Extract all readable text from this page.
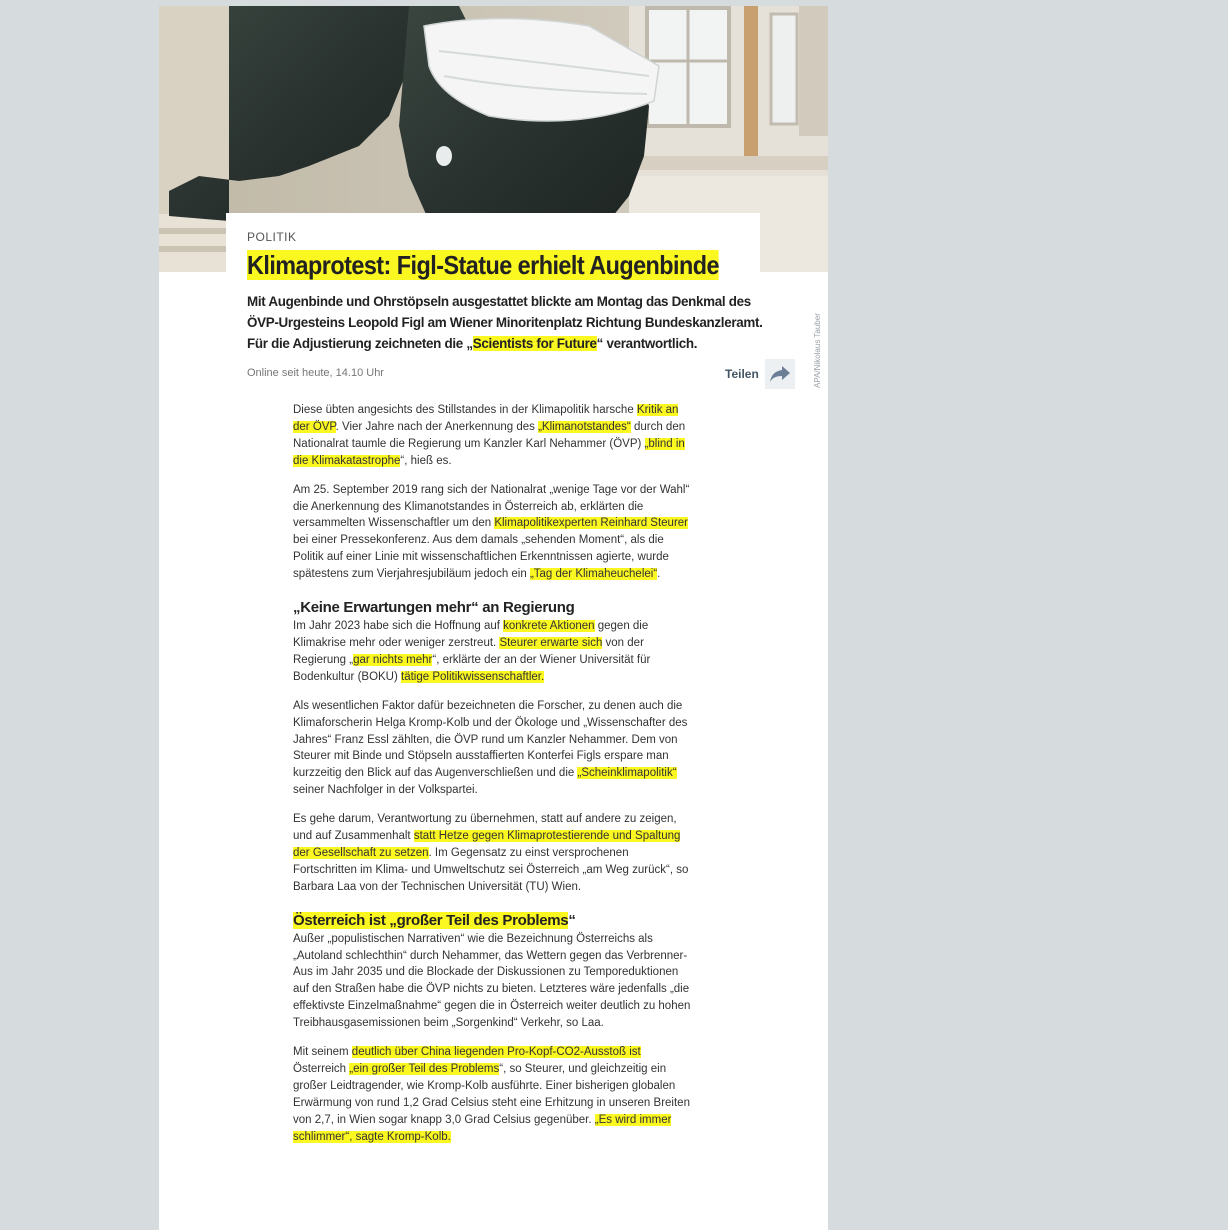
APA/Nikolaus Tauber
POLITIK
Klimaprotest: Figl-Statue erhielt Augenbinde

Mit Augenbinde und Ohrstöpseln ausgestattet blickte am Montag das Denkmal des ÖVP-Urgesteins Leopold Figl am Wiener Minoritenplatz Richtung Bundeskanzleramt. Für die Adjustierung zeichneten die „Scientists for Future“ verantwortlich.

Online seit heute, 14.10 Uhr	Teilen

Diese übten angesichts des Stillstandes in der Klimapolitik harsche Kritik an der ÖVP. Vier Jahre nach der Anerkennung des „Klimanotstandes“ durch den Nationalrat taumle die Regierung um Kanzler Karl Nehammer (ÖVP) „blind in die Klimakatastrophe“, hieß es.

Am 25. September 2019 rang sich der Nationalrat „wenige Tage vor der Wahl“ die Anerkennung des Klimanotstandes in Österreich ab, erklärten die versammelten Wissenschaftler um den Klimapolitikexperten Reinhard Steurer bei einer Pressekonferenz. Aus dem damals „sehenden Moment“, als die Politik auf einer Linie mit wissenschaftlichen Erkenntnissen agierte, wurde spätestens zum Vierjahresjubiläum jedoch ein „Tag der Klimaheuchelei“.

„Keine Erwartungen mehr“ an Regierung

Im Jahr 2023 habe sich die Hoffnung auf konkrete Aktionen gegen die Klimakrise mehr oder weniger zerstreut. Steurer erwarte sich von der Regierung „gar nichts mehr“, erklärte der an der Wiener Universität für Bodenkultur (BOKU) tätige Politikwissenschaftler.

Als wesentlichen Faktor dafür bezeichneten die Forscher, zu denen auch die Klimaforscherin Helga Kromp-Kolb und der Ökologe und „Wissenschafter des Jahres“ Franz Essl zählten, die ÖVP rund um Kanzler Nehammer. Dem von Steurer mit Binde und Stöpseln ausstaffierten Konterfei Figls erspare man kurzzeitig den Blick auf das Augenverschließen und die „Scheinklimapolitik“ seiner Nachfolger in der Volkspartei.

Es gehe darum, Verantwortung zu übernehmen, statt auf andere zu zeigen, und auf Zusammenhalt statt Hetze gegen Klimaprotestierende und Spaltung der Gesellschaft zu setzen. Im Gegensatz zu einst versprochenen Fortschritten im Klima- und Umweltschutz sei Österreich „am Weg zurück“, so Barbara Laa von der Technischen Universität (TU) Wien.

Österreich ist „großer Teil des Problems“

Außer „populistischen Narrativen“ wie die Bezeichnung Österreichs als „Autoland schlechthin“ durch Nehammer, das Wettern gegen das Verbrenner-Aus im Jahr 2035 und die Blockade der Diskussionen zu Temporeduktionen auf den Straßen habe die ÖVP nichts zu bieten. Letzteres wäre jedenfalls „die effektivste Einzelmaßnahme“ gegen die in Österreich weiter deutlich zu hohen Treibhausgasemissionen beim „Sorgenkind“ Verkehr, so Laa.

Mit seinem deutlich über China liegenden Pro-Kopf-CO2-Ausstoß ist Österreich „ein großer Teil des Problems“, so Steurer, und gleichzeitig ein großer Leidtragender, wie Kromp-Kolb ausführte. Einer bisherigen globalen Erwärmung von rund 1,2 Grad Celsius steht eine Erhitzung in unseren Breiten von 2,7, in Wien sogar knapp 3,0 Grad Celsius gegenüber. „Es wird immer schlimmer“, sagte Kromp-Kolb.
